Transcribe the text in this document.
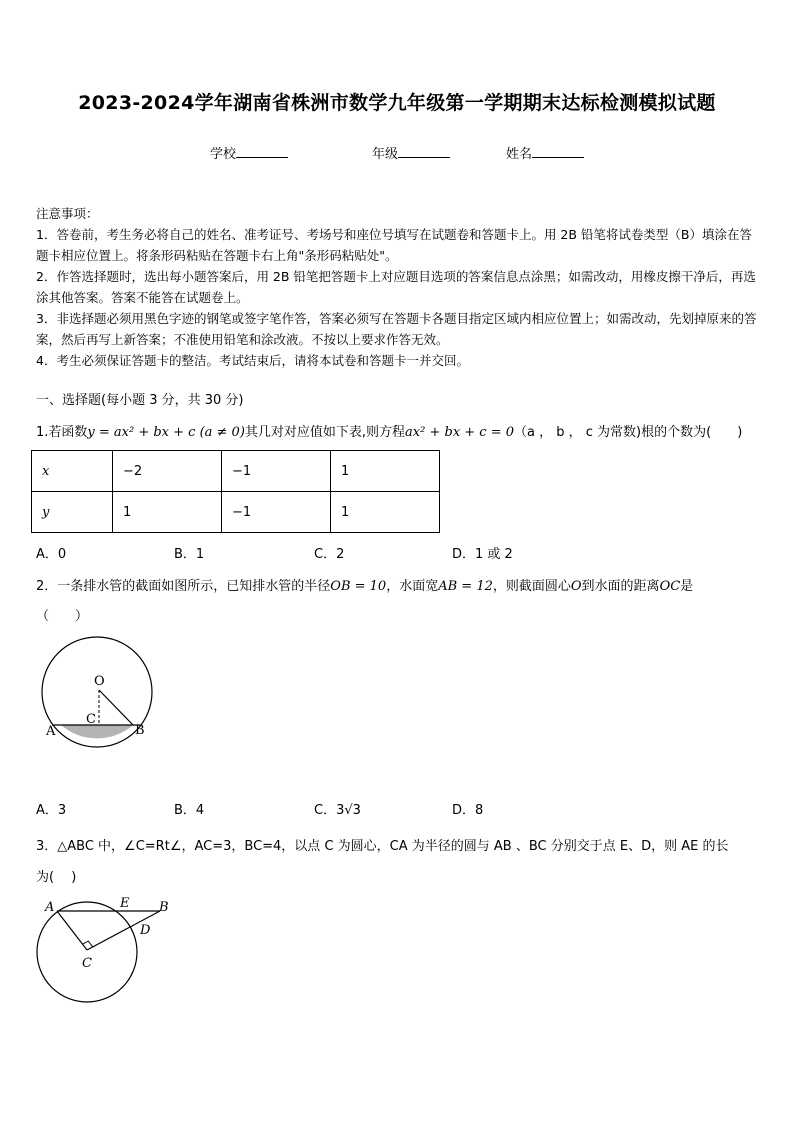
2023-2024学年湖南省株洲市数学九年级第一学期期末达标检测模拟试题
学校	年级	姓名

注意事项：

1．答卷前，考生务必将自己的姓名、准考证号、考场号和座位号填写在试题卷和答题卡上。用 2B 铅笔将试卷类型（B）填涂在答题卡相应位置上。将条形码粘贴在答题卡右上角"条形码粘贴处"。

2．作答选择题时，选出每小题答案后，用 2B 铅笔把答题卡上对应题目选项的答案信息点涂黑；如需改动，用橡皮擦干净后，再选涂其他答案。答案不能答在试题卷上。

3．非选择题必须用黑色字迹的钢笔或签字笔作答，答案必须写在答题卡各题目指定区域内相应位置上；如需改动，先划掉原来的答案，然后再写上新答案；不准使用铅笔和涂改液。不按以上要求作答无效。

4．考生必须保证答题卡的整洁。考试结束后，请将本试卷和答题卡一并交回。

一、选择题(每小题 3 分，共 30 分)
1.若函数y = ax² + bx + c (a ≠ 0)其几对对应值如下表,则方程ax² + bx + c = 0（a ， b ， c 为常数)根的个数为(　　)
x	−2	−1	1
y	1	−1	1
A．0	B．1	C．2	D．1 或 2
2．一条排水管的截面如图所示，已知排水管的半径OB = 10，水面宽AB = 12，则截面圆心O到水面的距离OC是
（　　）
O
C
A	B
A．3	B．4	C．3√3	D．8
3．△ABC 中，∠C=Rt∠，AC=3，BC=4，以点 C 为圆心，CA 为半径的圆与 AB 、BC 分别交于点 E、D，则 AE 的长
为(　 )
A	E B
D
C
